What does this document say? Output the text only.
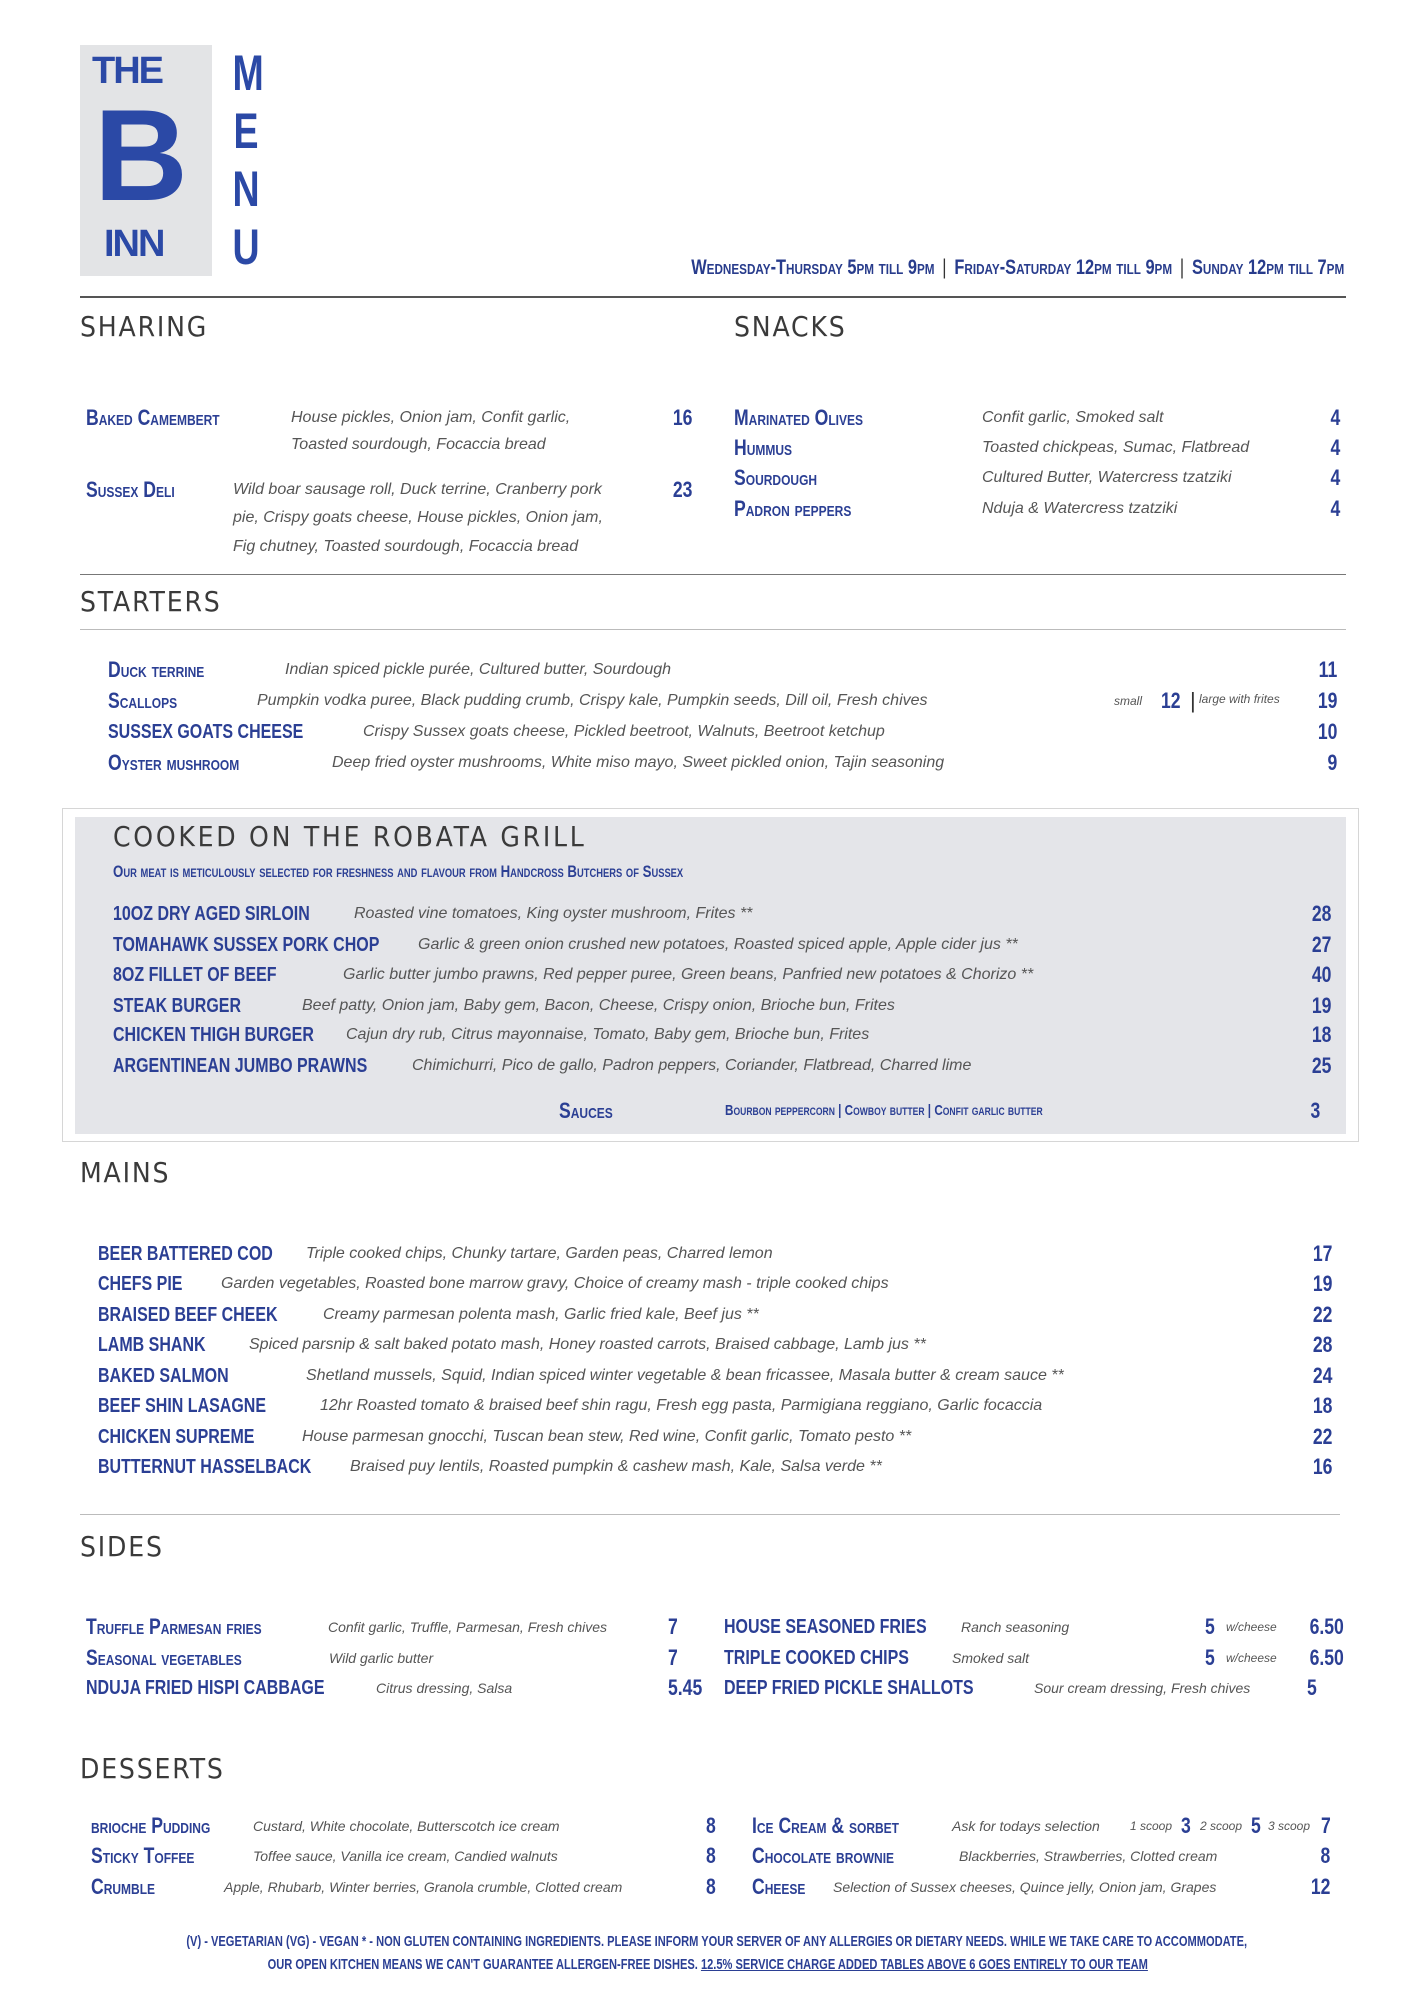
THE
B
INN
M
E
N
U	Wednesday-Thursday 5pm till 9pm | Friday-Saturday 12pm till 9pm | Sunday 12pm till 7pm
SHARING	SNACKS
STARTERS
COOKED ON THE ROBATA GRILL
Our meat is meticulously selected for freshness and flavour from Handcross Butchers of Sussex
MAINS
SIDES
DESSERTS
(V) - VEGETARIAN (VG) - VEGAN * - NON GLUTEN CONTAINING INGREDIENTS. PLEASE INFORM YOUR SERVER OF ANY ALLERGIES OR DIETARY NEEDS. WHILE WE TAKE CARE TO ACCOMMODATE,
OUR OPEN KITCHEN MEANS WE CAN'T GUARANTEE ALLERGEN-FREE DISHES. 12.5% SERVICE CHARGE ADDED TABLES ABOVE 6 GOES ENTIRELY TO OUR TEAM
Baked Camembert	House pickles, Onion jam, Confit garlic,
Toasted sourdough, Focaccia bread
16
Sussex Deli	Wild boar sausage roll, Duck terrine, Cranberry pork
pie, Crispy goats cheese, House pickles, Onion jam,
Fig chutney, Toasted sourdough, Focaccia bread
23
Marinated Olives	Confit garlic, Smoked salt	4
Hummus	Toasted chickpeas, Sumac, Flatbread	4
Sourdough	Cultured Butter, Watercress tzatziki	4
Padron peppers	Nduja & Watercress tzatziki	4
Duck terrine	Indian spiced pickle purée, Cultured butter, Sourdough	11
Scallops	Pumpkin vodka puree, Black pudding crumb, Crispy kale, Pumpkin seeds, Dill oil, Fresh chives	19
small 12 | large with frites
SUSSEX GOATS CHEESE	Crispy Sussex goats cheese, Pickled beetroot, Walnuts, Beetroot ketchup	10
Oyster mushroom	Deep fried oyster mushrooms, White miso mayo, Sweet pickled onion, Tajin seasoning	9
10OZ DRY AGED SIRLOIN	Roasted vine tomatoes, King oyster mushroom, Frites **	28
TOMAHAWK SUSSEX PORK CHOP Garlic & green onion crushed new potatoes, Roasted spiced apple, Apple cider jus **	27
8OZ FILLET OF BEEF	Garlic butter jumbo prawns, Red pepper puree, Green beans, Panfried new potatoes & Chorizo **	40
STEAK BURGER	Beef patty, Onion jam, Baby gem, Bacon, Cheese, Crispy onion, Brioche bun, Frites	19
CHICKEN THIGH BURGER Cajun dry rub, Citrus mayonnaise, Tomato, Baby gem, Brioche bun, Frites	18
ARGENTINEAN JUMBO PRAWNS	Chimichurri, Pico de gallo, Padron peppers, Coriander, Flatbread, Charred lime	25
Sauces	Bourbon peppercorn | Cowboy butter | Confit garlic butter	3
BEER BATTERED COD Triple cooked chips, Chunky tartare, Garden peas, Charred lemon	17
CHEFS PIE Garden vegetables, Roasted bone marrow gravy, Choice of creamy mash - triple cooked chips	19
BRAISED BEEF CHEEK	Creamy parmesan polenta mash, Garlic fried kale, Beef jus **	22
LAMB SHANK	Spiced parsnip & salt baked potato mash, Honey roasted carrots, Braised cabbage, Lamb jus **	28
BAKED SALMON	Shetland mussels, Squid, Indian spiced winter vegetable & bean fricassee, Masala butter & cream sauce **	24
BEEF SHIN LASAGNE	12hr Roasted tomato & braised beef shin ragu, Fresh egg pasta, Parmigiana reggiano, Garlic focaccia	18
CHICKEN SUPREME	House parmesan gnocchi, Tuscan bean stew, Red wine, Confit garlic, Tomato pesto **	22
BUTTERNUT HASSELBACK Braised puy lentils, Roasted pumpkin & cashew mash, Kale, Salsa verde **	16
Truffle Parmesan fries	Confit garlic, Truffle, Parmesan, Fresh chives	7 HOUSE SEASONED FRIES Ranch seasoning	5 w/cheese 6.50
Seasonal vegetables	Wild garlic butter	7 TRIPLE COOKED CHIPS	Smoked salt	5 w/cheese 6.50
NDUJA FRIED HISPI CABBAGE	Citrus dressing, Salsa	5.45 DEEP FRIED PICKLE SHALLOTS	Sour cream dressing, Fresh chives	5
brioche Pudding	Custard, White chocolate, Butterscotch ice cream	8 Ice Cream & sorbet	Ask for todays selection	1 scoop 3 2 scoop 5 3 scoop 7
Sticky Toffee	Toffee sauce, Vanilla ice cream, Candied walnuts	8 Chocolate brownie	Blackberries, Strawberries, Clotted cream	8
Crumble	Apple, Rhubarb, Winter berries, Granola crumble, Clotted cream	8 Cheese Selection of Sussex cheeses, Quince jelly, Onion jam, Grapes	12
